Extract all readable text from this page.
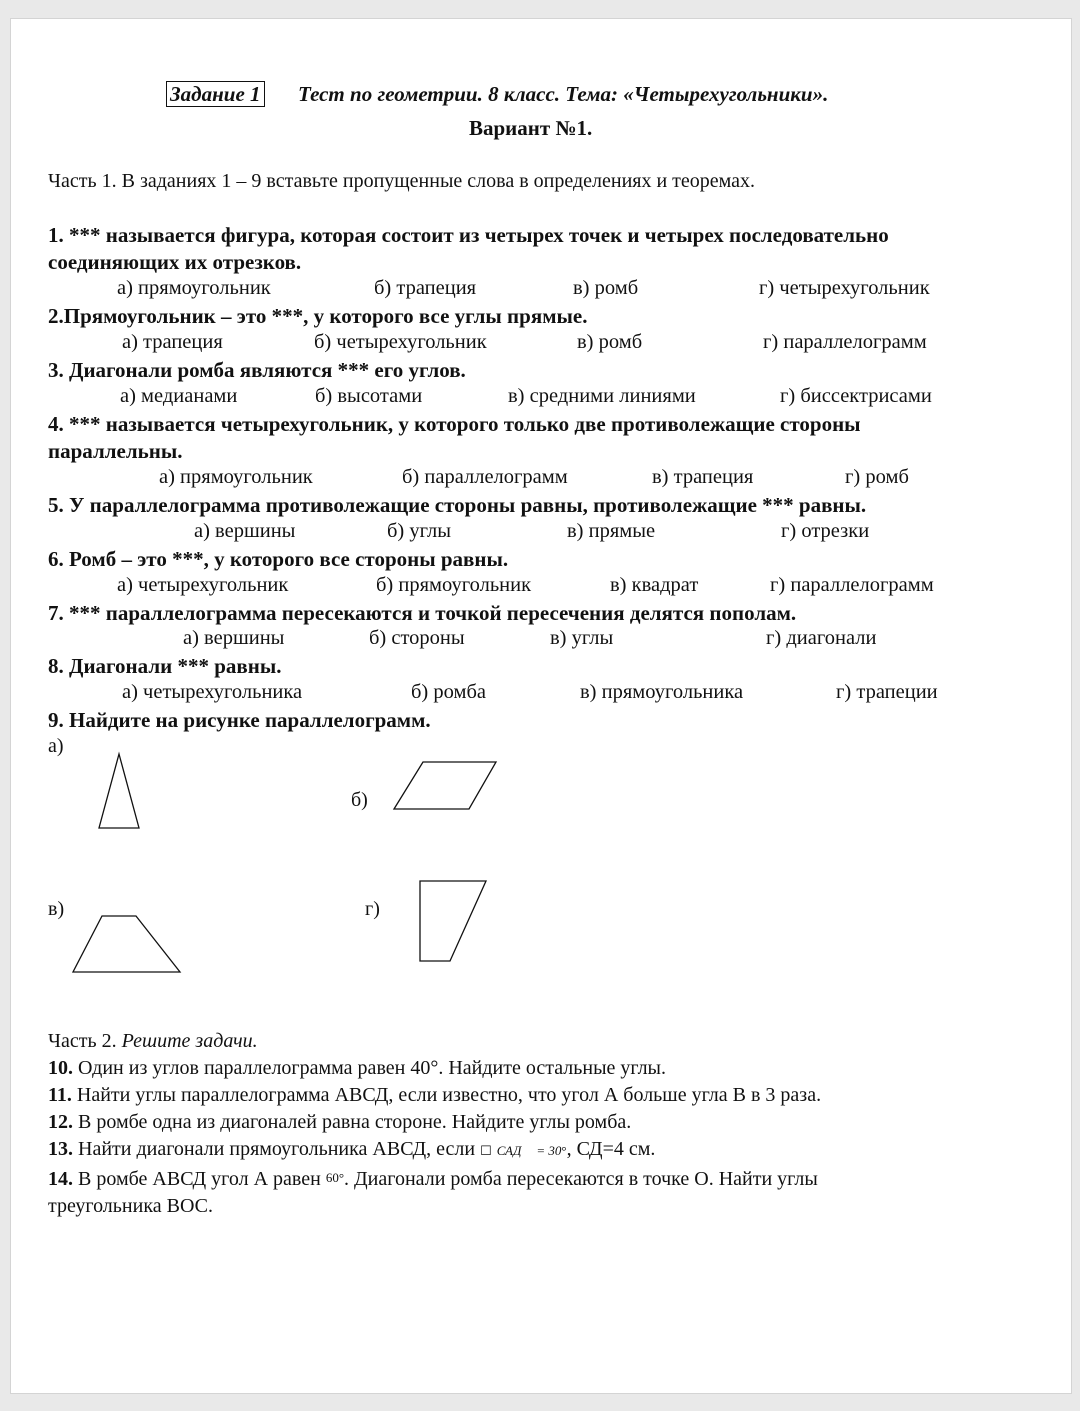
Задание 1 Тест по геометрии. 8 класс. Тема: «Четырехугольники».
Вариант №1.
Часть 1. В заданиях 1 – 9 вставьте пропущенные слова в определениях и теоремах.
1. *** называется фигура, которая состоит из четырех точек и четырех последовательно
соединяющих их отрезков.
а) прямоугольник	б) трапеция	в) ромб	г) четырехугольник
2.Прямоугольник – это ***, у которого все углы прямые.
а) трапеция	б) четырехугольник	в) ромб	г) параллелограмм
3. Диагонали ромба являются *** его углов.
а) медианами	б) высотами	в) средними линиями	г) биссектрисами
4. *** называется четырехугольник, у которого только две противолежащие стороны
параллельны.
а) прямоугольник	б) параллелограмм	в) трапеция	г) ромб
5. У параллелограмма противолежащие стороны равны, противолежащие *** равны.
а) вершины	б) углы	в) прямые	г) отрезки
6. Ромб – это ***, у которого все стороны равны.
а) четырехугольник	б) прямоугольник	в) квадрат	г) параллелограмм
7. *** параллелограмма пересекаются и точкой пересечения делятся пополам.
а) вершины	б) стороны	в) углы	г) диагонали
8. Диагонали *** равны.
а) четырехугольника	б) ромба	в) прямоугольника	г) трапеции
9. Найдите на рисунке параллелограмм.
а)
б)
в)	г)
Часть 2. Решите задачи.
10. Один из углов параллелограмма равен 40°. Найдите остальные углы.
11. Найти углы параллелограмма АВСД, если известно, что угол А больше угла В в 3 раза.
12. В ромбе одна из диагоналей равна стороне. Найдите углы ромба.
13. Найти диагонали прямоугольника АВСД, если ☐ САД = 30°, СД=4 см.
14. В ромбе АВСД угол А равен 60°. Диагонали ромба пересекаются в точке О. Найти углы
треугольника ВОС.
